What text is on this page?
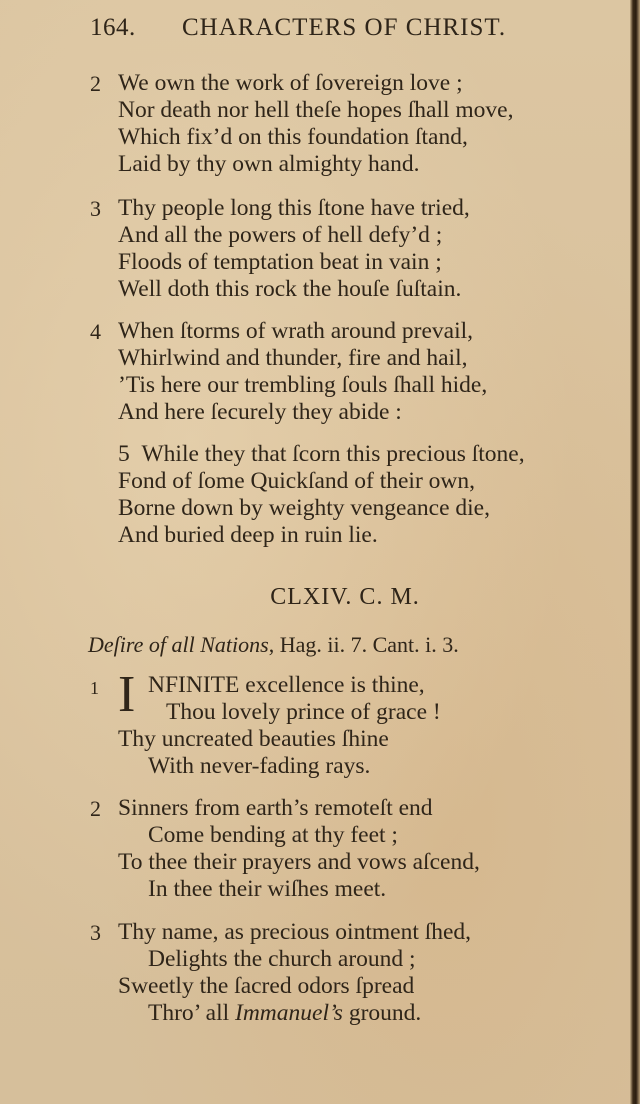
164. CHARACTERS OF CHRIST.
2 We own the work of ſovereign love ;
Nor death nor hell theſe hopes ſhall move,
Which fix’d on this foundation ſtand,
Laid by thy own almighty hand.
3 Thy people long this ſtone have tried,
And all the powers of hell defy’d ;
Floods of temptation beat in vain ;
Well doth this rock the houſe ſuſtain.
4 When ſtorms of wrath around prevail,
Whirlwind and thunder, fire and hail,
’Tis here our trembling ſouls ſhall hide,
And here ſecurely they abide :
5 While they that ſcorn this precious ſtone,
Fond of ſome Quickſand of their own,
Borne down by weighty vengeance die,
And buried deep in ruin lie.
CLXIV. C. M.
Deſire of all Nations, Hag. ii. 7. Cant. i. 3.
1 I NFINITE excellence is thine,
Thou lovely prince of grace !
Thy uncreated beauties ſhine
With never-fading rays.
2 Sinners from earth’s remoteſt end
Come bending at thy feet ;
To thee their prayers and vows aſcend,
In thee their wiſhes meet.
3 Thy name, as precious ointment ſhed,
Delights the church around ;
Sweetly the ſacred odors ſpread
Thro’ all Immanuel’s ground.
